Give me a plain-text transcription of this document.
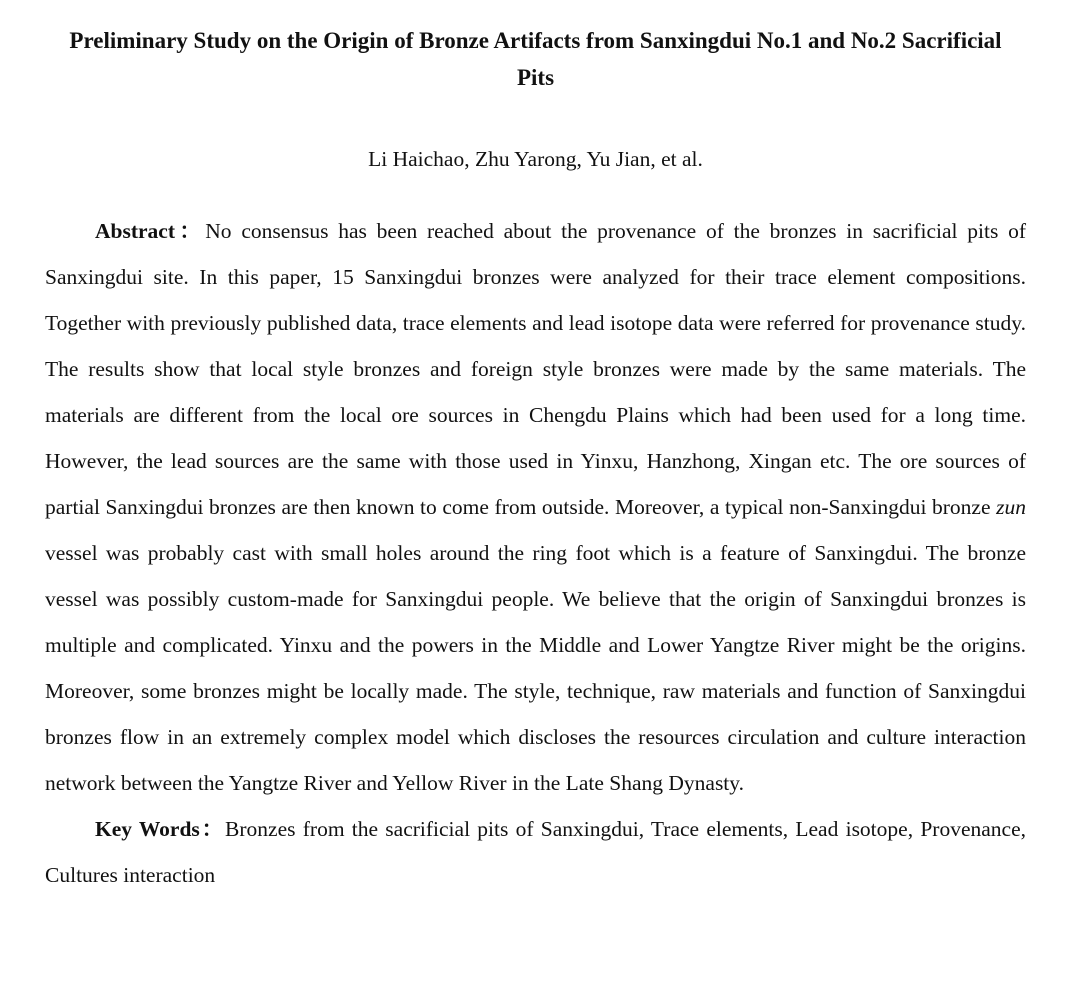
Preliminary Study on the Origin of Bronze Artifacts from Sanxingdui No.1 and No.2 Sacrificial Pits

Li Haichao, Zhu Yarong, Yu Jian, et al.

Abstract：No consensus has been reached about the provenance of the bronzes in sacrificial pits of Sanxingdui site. In this paper, 15 Sanxingdui bronzes were analyzed for their trace element compositions. Together with previously published data, trace elements and lead isotope data were referred for provenance study. The results show that local style bronzes and foreign style bronzes were made by the same materials. The materials are different from the local ore sources in Chengdu Plains which had been used for a long time. However, the lead sources are the same with those used in Yinxu, Hanzhong, Xingan etc. The ore sources of partial Sanxingdui bronzes are then known to come from outside. Moreover, a typical non-Sanxingdui bronze zun vessel was probably cast with small holes around the ring foot which is a feature of Sanxingdui. The bronze vessel was possibly custom-made for Sanxingdui people. We believe that the origin of Sanxingdui bronzes is multiple and complicated. Yinxu and the powers in the Middle and Lower Yangtze River might be the origins. Moreover, some bronzes might be locally made. The style, technique, raw materials and function of Sanxingdui bronzes flow in an extremely complex model which discloses the resources circulation and culture interaction network between the Yangtze River and Yellow River in the Late Shang Dynasty.

Key Words：Bronzes from the sacrificial pits of Sanxingdui, Trace elements, Lead isotope, Provenance, Cultures interaction
